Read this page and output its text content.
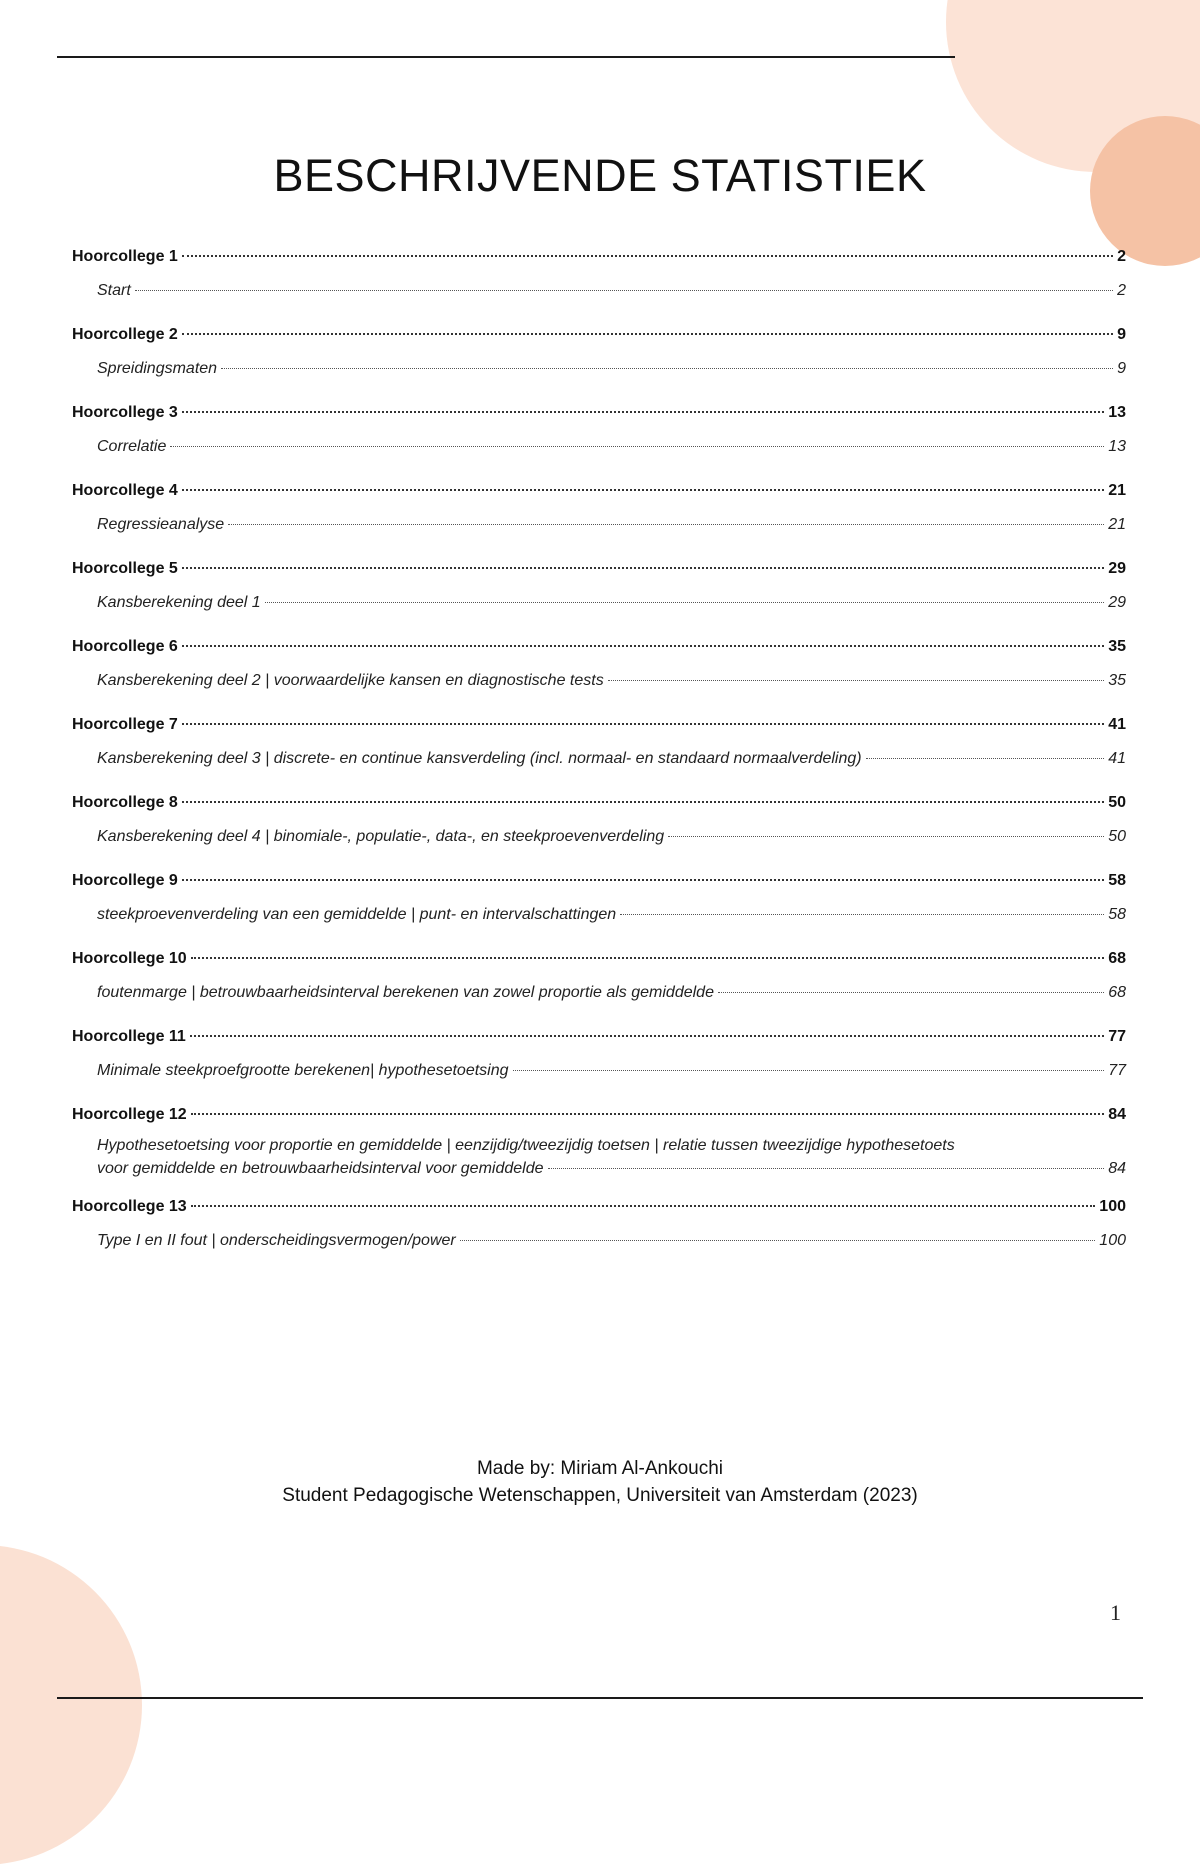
BESCHRIJVENDE STATISTIEK
Hoorcollege 1	2
Start	2
Hoorcollege 2	9
Spreidingsmaten	9
Hoorcollege 3	13
Correlatie	13
Hoorcollege 4	21
Regressieanalyse	21
Hoorcollege 5	29
Kansberekening deel 1	29
Hoorcollege 6	35
Kansberekening deel 2 | voorwaardelijke kansen en diagnostische tests	35
Hoorcollege 7	41
Kansberekening deel 3 | discrete- en continue kansverdeling (incl. normaal- en standaard normaalverdeling)	41
Hoorcollege 8	50
Kansberekening deel 4 | binomiale-, populatie-, data-, en steekproevenverdeling	50
Hoorcollege 9	58
steekproevenverdeling van een gemiddelde | punt- en intervalschattingen	58
Hoorcollege 10	68
foutenmarge | betrouwbaarheidsinterval berekenen van zowel proportie als gemiddelde	68
Hoorcollege 11	77
Minimale steekproefgrootte berekenen| hypothesetoetsing	77
Hoorcollege 12	84
Hypothesetoetsing voor proportie en gemiddelde | eenzijdig/tweezijdig toetsen | relatie tussen tweezijdige hypothesetoets
voor gemiddelde en betrouwbaarheidsinterval voor gemiddelde	84
Hoorcollege 13	100
Type I en II fout | onderscheidingsvermogen/power	100
Made by: Miriam Al-Ankouchi
Student Pedagogische Wetenschappen, Universiteit van Amsterdam (2023)
1
